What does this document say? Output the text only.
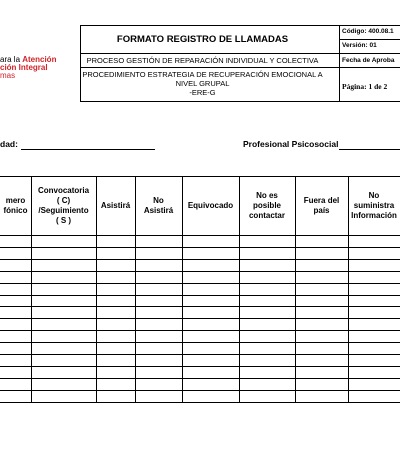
ara la Atención
ción Integral
mas
FORMATO REGISTRO DE LLAMADAS
PROCESO GESTIÓN DE REPARACIÓN INDIVIDUAL Y COLECTIVA
PROCEDIMIENTO ESTRATEGIA DE RECUPERACIÓN EMOCIONAL A
NIVEL GRUPAL
-ERE-G
Código: 400.08.1
Versión: 01
Fecha de Aproba
Página: 1 de 2
dad:	Profesional Psicosocial
mero
fónico
Convocatoria
( C)
/Seguimiento
( S )
Asistirá
No
Asistirá
Equivocado
No es
posible
contactar
Fuera del
país
No
suministra
Información
